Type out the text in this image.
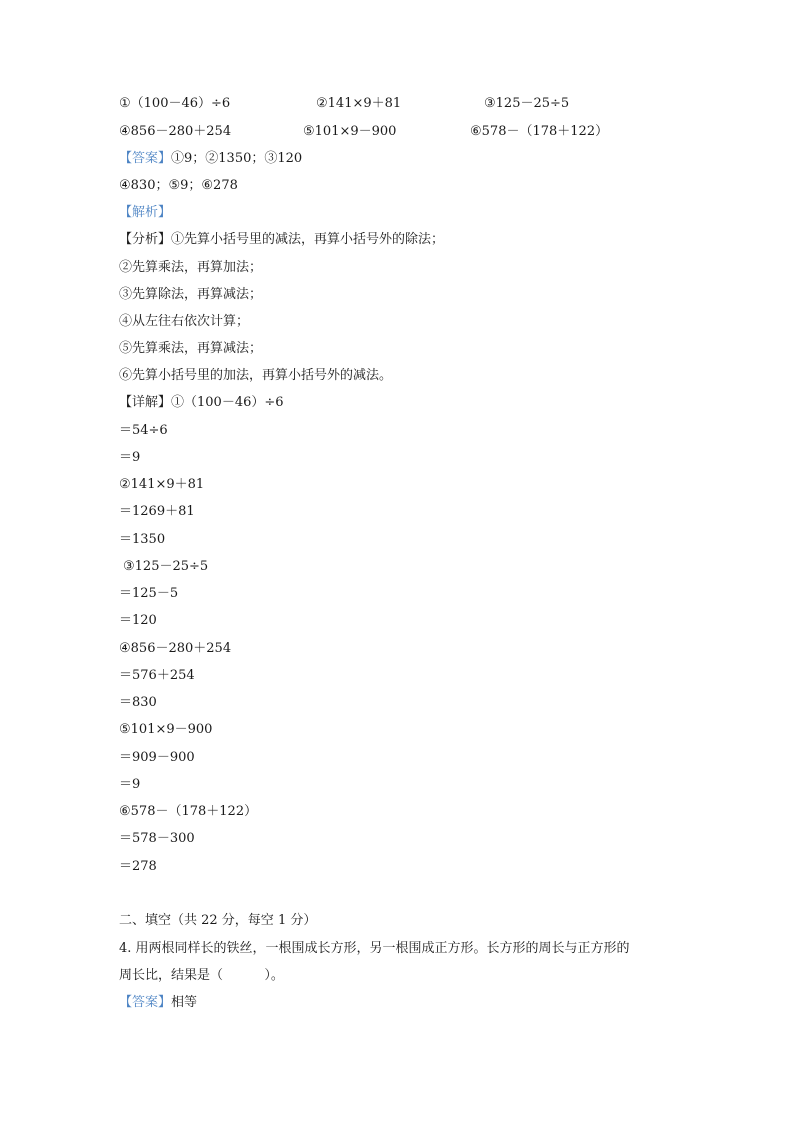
①（100－46）÷6	②141×9＋81	③125－25÷5
④856－280＋254	⑤101×9－900	⑥578－（178＋122）
【答案】①9；②1350；③120
④830；⑤9；⑥278
【解析】
【分析】①先算小括号里的减法，再算小括号外的除法；
②先算乘法，再算加法；
③先算除法，再算减法；
④从左往右依次计算；
⑤先算乘法，再算减法；
⑥先算小括号里的加法，再算小括号外的减法。
【详解】①（100－46）÷6
＝54÷6
＝9
②141×9＋81
＝1269＋81
＝1350
③125－25÷5
＝125－5
＝120
④856－280＋254
＝576＋254
＝830
⑤101×9－900
＝909－900
＝9
⑥578－（178＋122）
＝578－300
＝278
二、填空（共 22 分，每空 1 分）
4. 用两根同样长的铁丝，一根围成长方形，另一根围成正方形。长方形的周长与正方形的
周长比，结果是（          ）。
【答案】相等
